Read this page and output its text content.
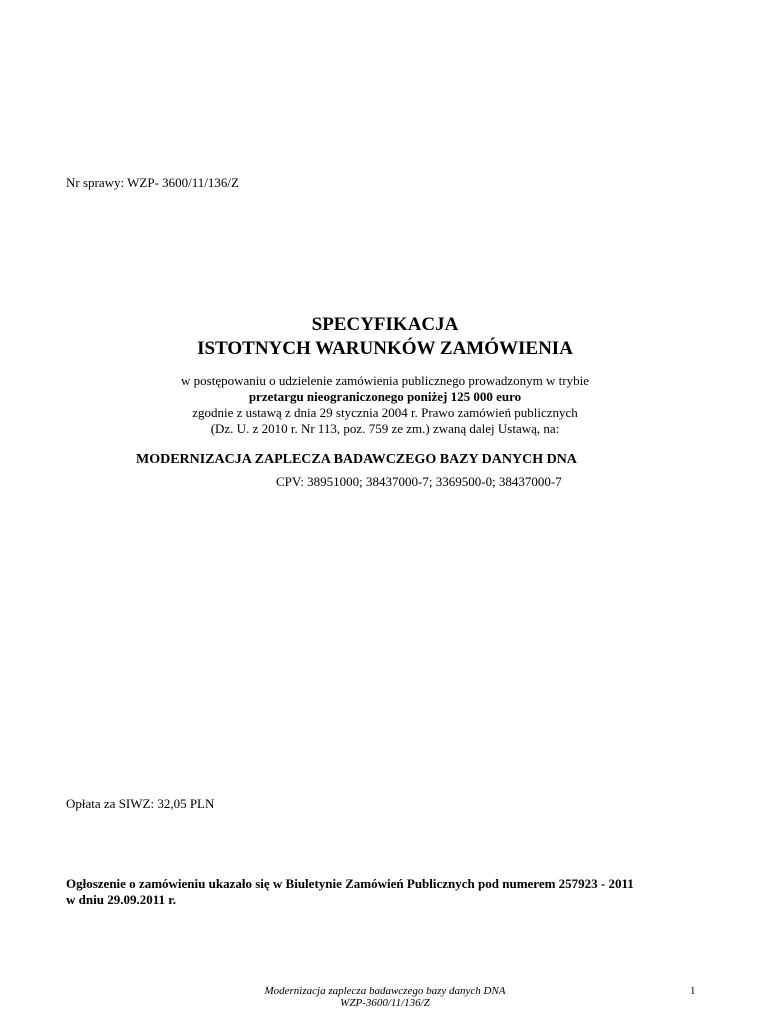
Nr sprawy: WZP- 3600/11/136/Z
SPECYFIKACJA
ISTOTNYCH WARUNKÓW ZAMÓWIENIA
w postępowaniu o udzielenie zamówienia publicznego prowadzonym w trybie
przetargu nieograniczonego poniżej 125 000 euro
zgodnie z ustawą z dnia 29 stycznia 2004 r. Prawo zamówień publicznych
(Dz. U. z 2010 r. Nr 113, poz. 759 ze zm.) zwaną dalej Ustawą, na:
MODERNIZACJA ZAPLECZA BADAWCZEGO BAZY DANYCH DNA
CPV: 38951000; 38437000-7; 3369500-0; 38437000-7
Opłata za SIWZ: 32,05 PLN
Ogłoszenie o zamówieniu ukazało się w Biuletynie Zamówień Publicznych pod numerem 257923 - 2011
w dniu 29.09.2011 r.
Modernizacja zaplecza badawczego bazy danych DNA
WZP-3600/11/136/Z
1
